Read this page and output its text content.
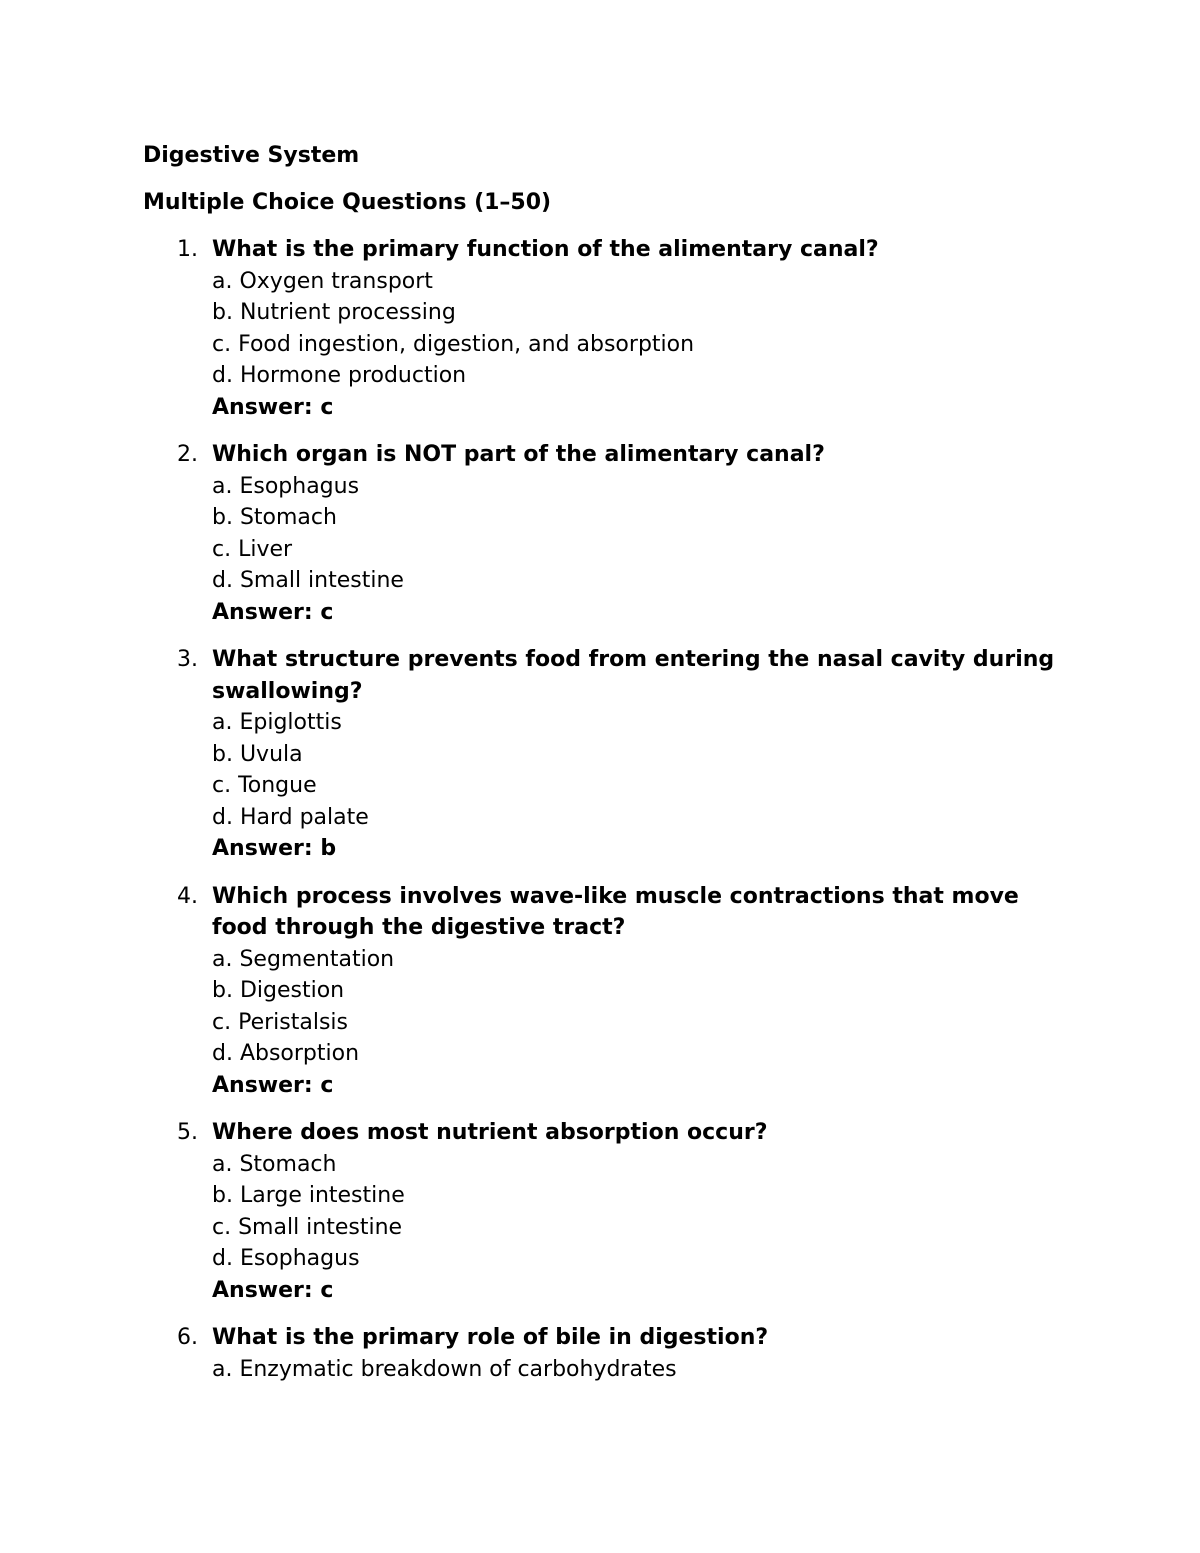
Digestive System
Multiple Choice Questions (1–50)
1. What is the primary function of the alimentary canal?
a. Oxygen transport
b. Nutrient processing
c. Food ingestion, digestion, and absorption
d. Hormone production
Answer: c
2. Which organ is NOT part of the alimentary canal?
a. Esophagus
b. Stomach
c. Liver
d. Small intestine
Answer: c
3. What structure prevents food from entering the nasal cavity during swallowing?
a. Epiglottis
b. Uvula
c. Tongue
d. Hard palate
Answer: b
4. Which process involves wave-like muscle contractions that move food through the digestive tract?
a. Segmentation
b. Digestion
c. Peristalsis
d. Absorption
Answer: c
5. Where does most nutrient absorption occur?
a. Stomach
b. Large intestine
c. Small intestine
d. Esophagus
Answer: c
6. What is the primary role of bile in digestion?
a. Enzymatic breakdown of carbohydrates
